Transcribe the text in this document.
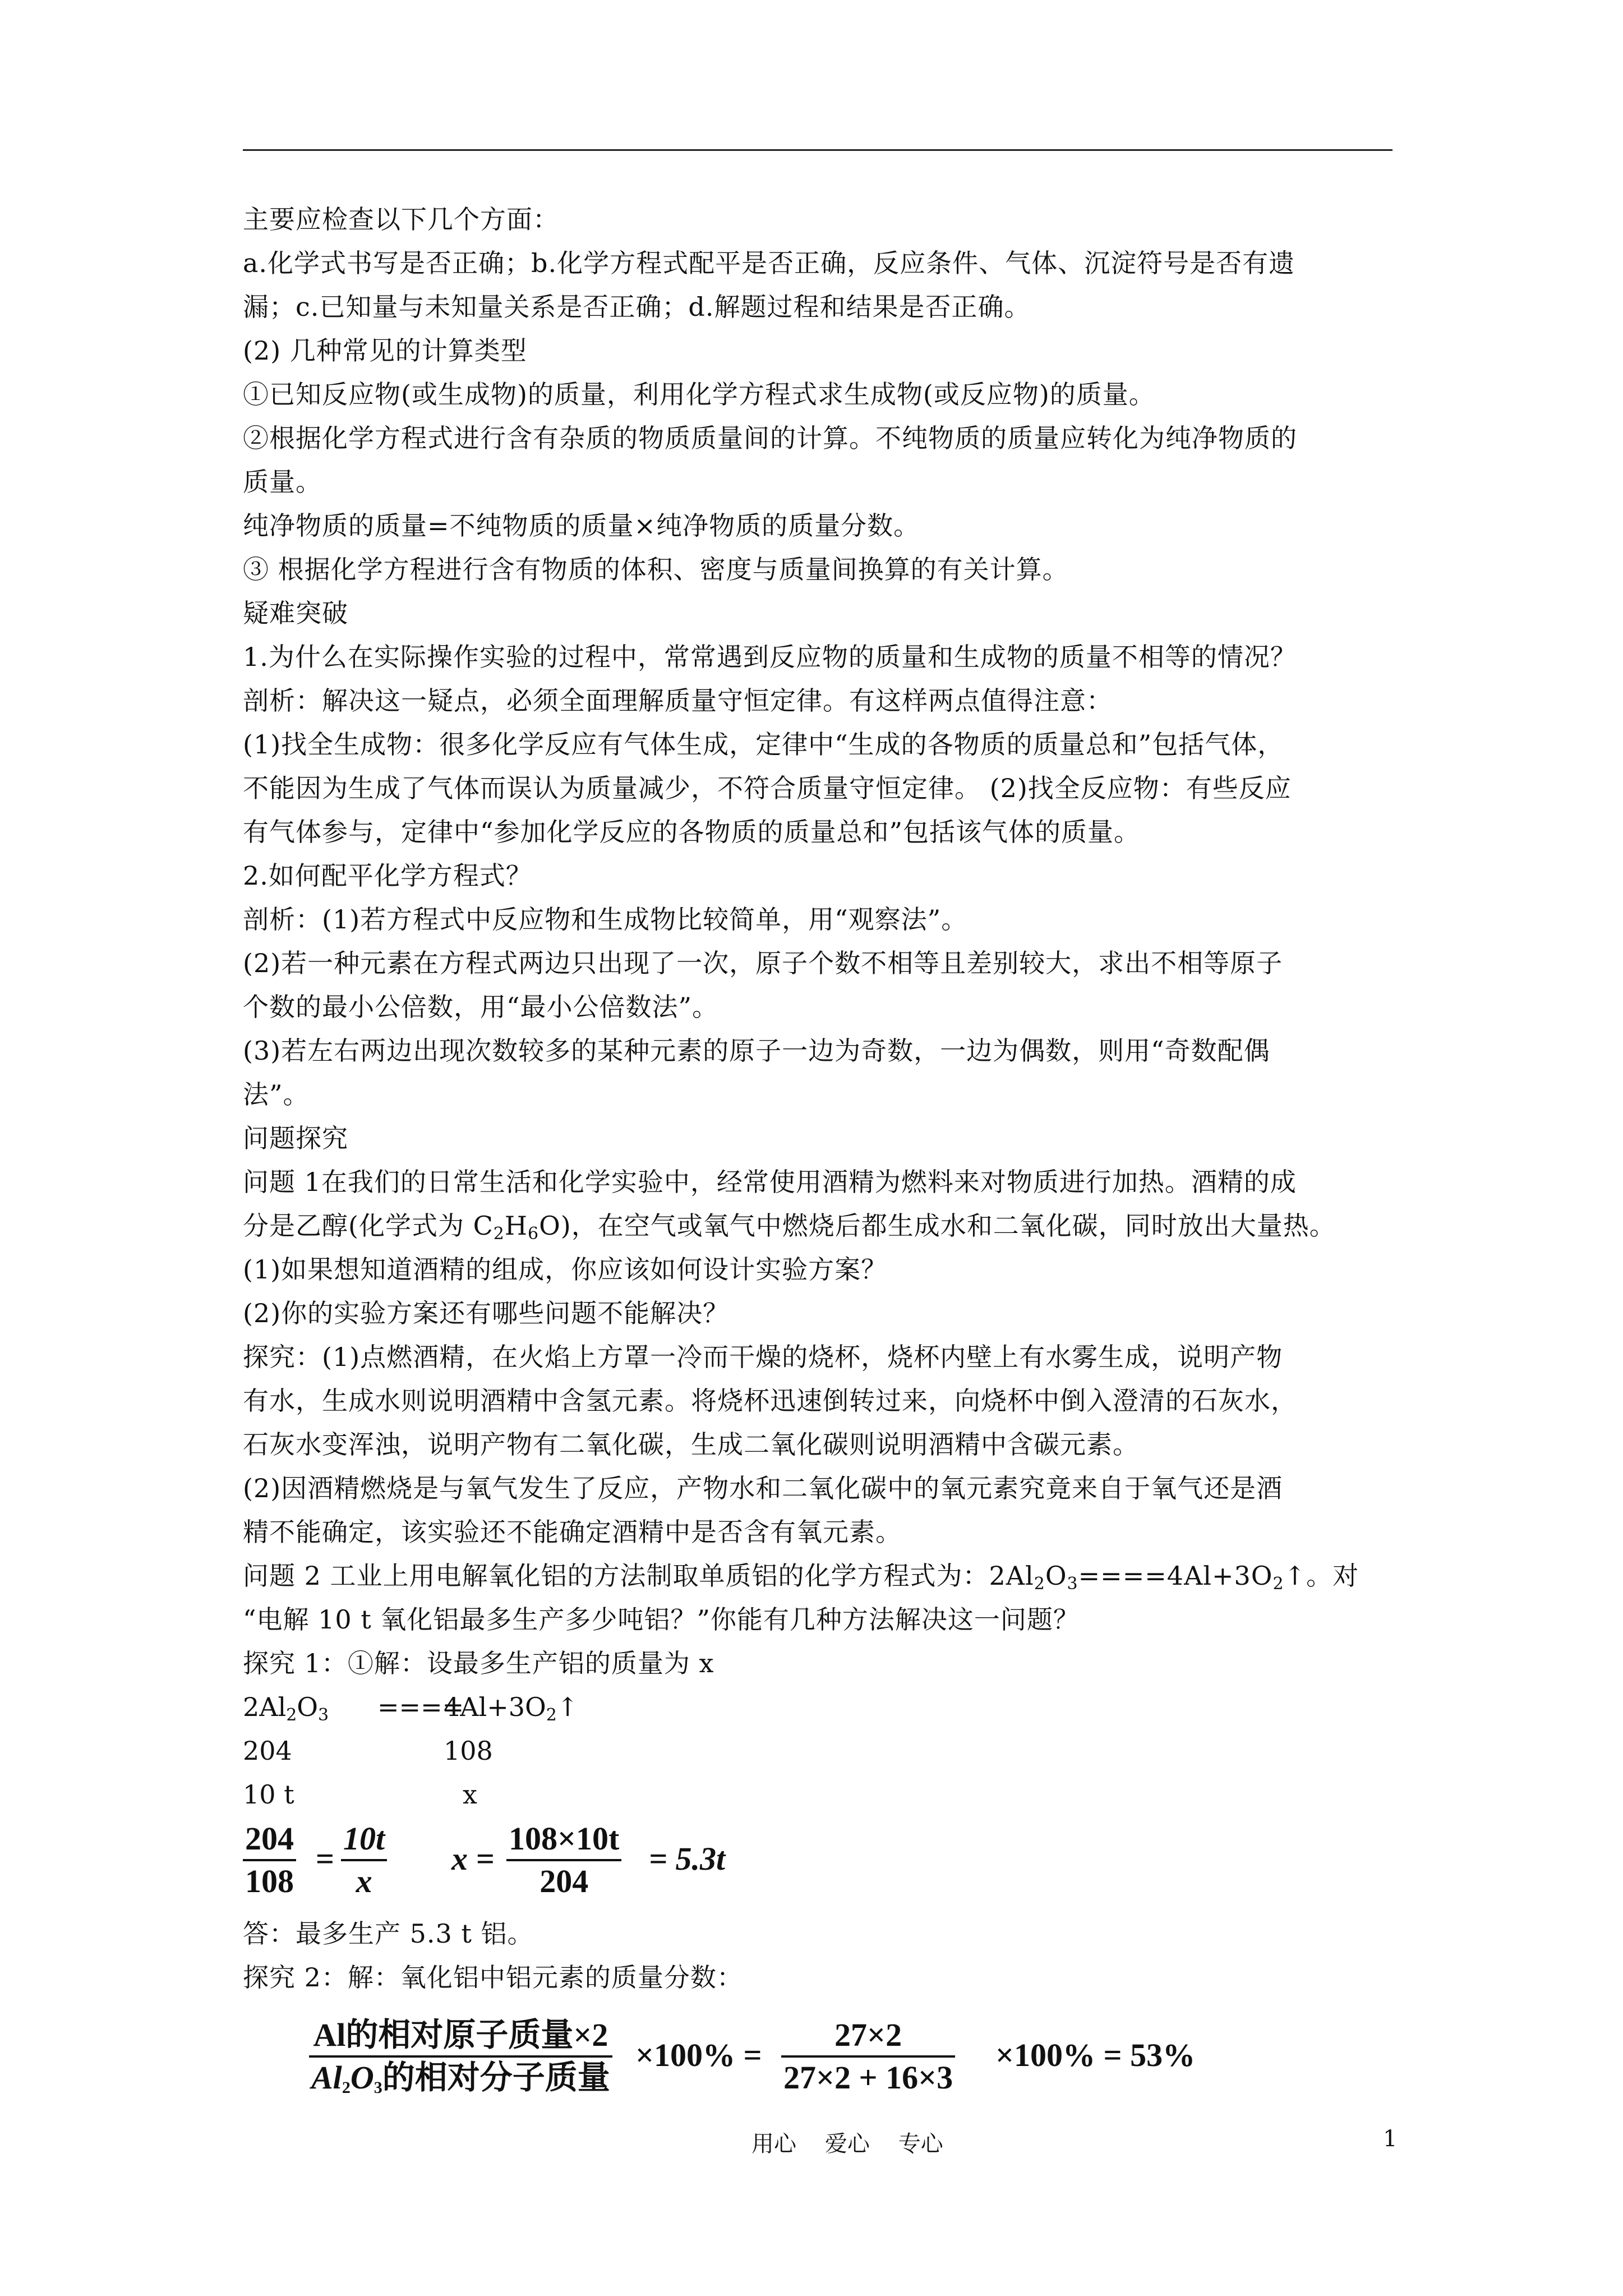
主要应检查以下几个方面：
a.化学式书写是否正确；b.化学方程式配平是否正确，反应条件、气体、沉淀符号是否有遗
漏；c.已知量与未知量关系是否正确；d.解题过程和结果是否正确。
(2) 几种常见的计算类型
①已知反应物(或生成物)的质量，利用化学方程式求生成物(或反应物)的质量。
②根据化学方程式进行含有杂质的物质质量间的计算。不纯物质的质量应转化为纯净物质的
质量。
纯净物质的质量=不纯物质的质量×纯净物质的质量分数。
③ 根据化学方程进行含有物质的体积、密度与质量间换算的有关计算。
疑难突破
1.为什么在实际操作实验的过程中，常常遇到反应物的质量和生成物的质量不相等的情况？
剖析：解决这一疑点，必须全面理解质量守恒定律。有这样两点值得注意：
(1)找全生成物：很多化学反应有气体生成，定律中“生成的各物质的质量总和”包括气体，
不能因为生成了气体而误认为质量减少，不符合质量守恒定律。 (2)找全反应物：有些反应
有气体参与，定律中“参加化学反应的各物质的质量总和”包括该气体的质量。
2.如何配平化学方程式？
剖析：(1)若方程式中反应物和生成物比较简单，用“观察法”。
(2)若一种元素在方程式两边只出现了一次，原子个数不相等且差别较大，求出不相等原子
个数的最小公倍数，用“最小公倍数法”。
(3)若左右两边出现次数较多的某种元素的原子一边为奇数，一边为偶数，则用“奇数配偶
法”。
问题探究
问题 1在我们的日常生活和化学实验中，经常使用酒精为燃料来对物质进行加热。酒精的成
分是乙醇(化学式为 $C_2H_6O$)，在空气或氧气中燃烧后都生成水和二氧化碳，同时放出大量热。
(1)如果想知道酒精的组成，你应该如何设计实验方案？
(2)你的实验方案还有哪些问题不能解决？
探究：(1)点燃酒精，在火焰上方罩一冷而干燥的烧杯，烧杯内壁上有水雾生成，说明产物
有水，生成水则说明酒精中含氢元素。将烧杯迅速倒转过来，向烧杯中倒入澄清的石灰水，
石灰水变浑浊，说明产物有二氧化碳，生成二氧化碳则说明酒精中含碳元素。
(2)因酒精燃烧是与氧气发生了反应，产物水和二氧化碳中的氧元素究竟来自于氧气还是酒
精不能确定，该实验还不能确定酒精中是否含有氧元素。
问题 2 工业上用电解氧化铝的方法制取单质铝的化学方程式为：$2Al_2O_3====4Al+3O_2↑$。对
“电解 10 t 氧化铝最多生产多少吨铝？”你能有几种方法解决这一问题？
探究 1：①解：设最多生产铝的质量为 x
$2Al_2O_3$ ====
$4Al+3O_2↑$
204	108
10 t	x
204
108
=
10t
x
x =
108×10t
204
= 5.3t
答：最多生产 5.3 t 铝。
探究 2：解：氧化铝中铝元素的质量分数：
Al的相对原子质量×2
$Al_2O_3$的相对分子质量
×100% =
27×2
27×2 + 16×3
×100% = 53%
用心    爱心    专心	1
